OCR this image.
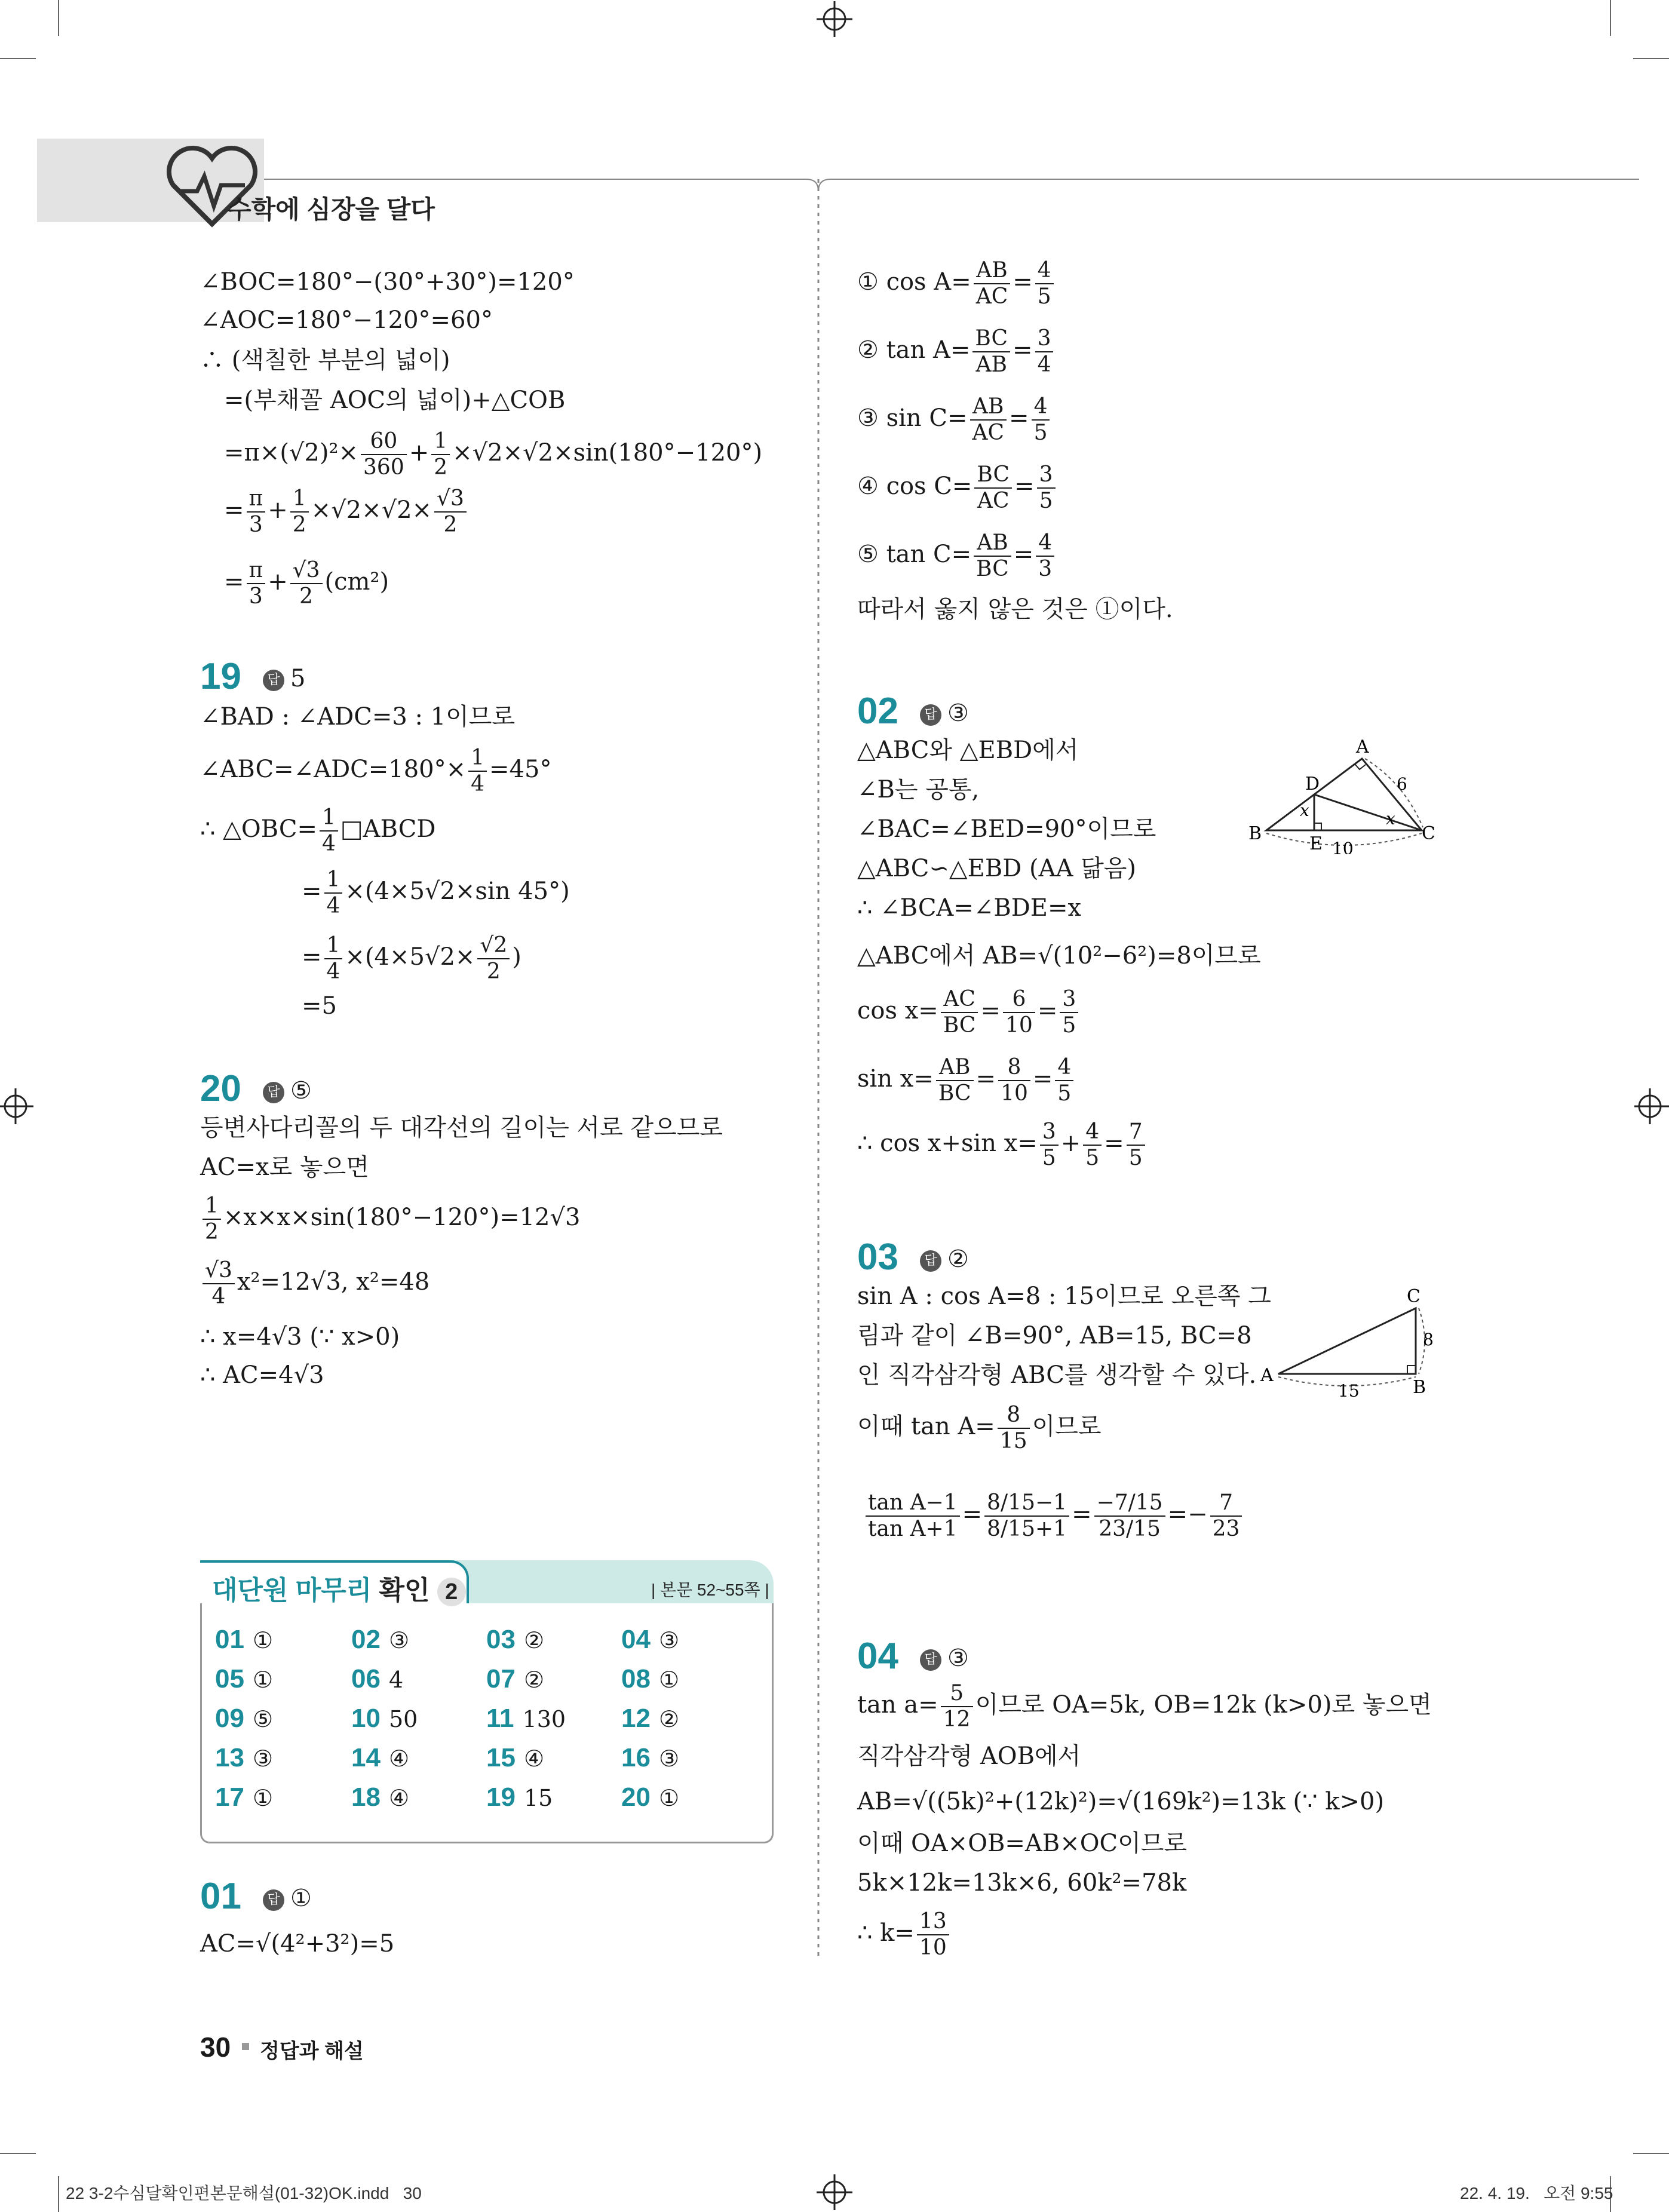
수학에 심장을 달다
∠BOC=180°−(30°+30°)=120°
∠AOC=180°−120°=60°
∴ (색칠한 부분의 넓이)
=(부채꼴 AOC의 넓이)+△COB
$=\pi\times(√2)^2\times \frac{60}{360} + \frac{1}{2} \times√2\times√2\times\sin(180^\circ-120^\circ)$
= $\frac{\pi}{3} + \frac{1}{2} \times√2\times√2\times \frac{√3}{2}$
= $\frac{\pi}{3} + \frac{√3}{2} (cm^2)$
19	답 5
∠BAD : ∠ADC=3 : 1이므로
∠ABC=∠ADC=180°× $\frac{1}{4} =45^\circ$
∴ △OBC= $\frac{1}{4}$ □ABCD
= $\frac{1}{4} \times(4\times 5√2\times\sin$ 45°)
= $\frac{1}{4} \times(4\times 5√2\times \frac{√2}{2}$ )
=5
20	답 ⑤
등변사다리꼴의 두 대각선의 길이는 서로 같으므로
AC=x로 놓으면
$\frac{1}{2} \times x\times x\times\sin(180^\circ-120^\circ)=12√3$
$\frac{√3}{4} x^2=12√3$, x²=48
∴ x=4√3 (∵ x>0)
∴ AC=4√3
대단원 마무리 확인 2	| 본문 52~55쪽 |
01 ①	02 ③	03 ②	04 ③
05 ①	06 4	07 ②	08 ①
09 ⑤	10 50	11 130 12 ②
13 ③	14 ④	15 ④	16 ③
17 ①	18 ④	19 15	20 ①
01	답 ①
AC=√(4²+3²)=5
① $\cos A= \frac{AB}{AC} = \frac{4}{5}$
② $\tan A= \frac{BC}{AB} = \frac{3}{4}$
③ $\sin C= \frac{AB}{AC} = \frac{4}{5}$
④ $\cos C= \frac{BC}{AC} = \frac{3}{5}$
⑤ $\tan C= \frac{AB}{BC} = \frac{4}{3}$
따라서 옳지 않은 것은 ①이다.
02	답 ③
△ABC와 △EBD에서
∠B는 공통,
∠BAC=∠BED=90°이므로
△ABC∽△EBD (AA 닮음)
∴ ∠BCA=∠BDE=x
△ABC에서 AB=√(10²−6²)=8이므로
$\cos x= \frac{AC}{BC} = \frac{6}{10} = \frac{3}{5}$
$\sin x= \frac{AB}{BC} = \frac{8}{10} = \frac{4}{5}$
∴ cos x+sin $x= \frac{3}{5} + \frac{4}{5} = \frac{7}{5}$
A
B	C
D
E
x	x
6
10
03	답 ②
sin A : cos A=8 : 15이므로 오른쪽 그
림과 같이 ∠B=90°, AB=15, BC=8
인 직각삼각형 ABC를 생각할 수 있다.
이때 $\tan A= \frac{8}{15}$ 이므로
$\frac{\text{tan A−1}}{\text{tan A+1}} = \frac{8/15-1}{8/15+1} = \frac{-7/15}{23/15} =- \frac{7}{23}$
C
A
B
8
15
04	답 ③
$\tan a= \frac{5}{12}$ 이므로 OA=5k, OB=12k (k>0)로 놓으면
직각삼각형 AOB에서
AB=√((5k)²+(12k)²)=√(169k²)=13k (∵ k>0)
이때 OA×OB=AB×OC이므로
5k×12k=13k×6, 60k²=78k
∴ $k= \frac{13}{10}$
30 정답과 해설
22 3-2수심달확인편본문해설(01-32)OK.indd   30	22. 4. 19.   오전 9:55
